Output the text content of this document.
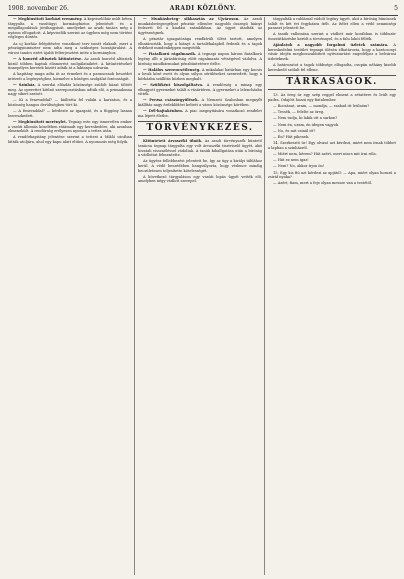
1908. november 26.	ARADI KÖZLÖNY.	5

— Meghiusitott korházi erenmény. A kepviselőház múlt héten tárgyalta a vasútügyi kormánybiztos jelentését és a megállapodások jóváhagyását, amelyeket az aradi tanács még a nyáron elfogadott. A képviselők szerint az ügyben még nem történt végleges döntés.

Az uj korház felépítésére vonatkozó terv ismét elakadt, mert a pénzügyminiszter nem adta meg a szükséges hozzájárulást. A városi tanács ezért újabb felterjesztést intéz a kormányhoz.

— A honvéd altisztek kitüntetése. Az aradi honvéd altisztek közül többen kaptak elismerést szolgálataikért. A kitüntetéseket ünnepélyes keretek között adták át a laktanya udvarán.

A kapitány maga adta át az érmeket és a parancsnok beszédet intézett a legénységhez, kiemelve a hűséges szolgálat fontosságát.

— Színház. A szerdai előadás közönsége zsúfolt házat töltött meg. Az operettet kitűnő szereposztásban adták elő, a primadonna nagy sikert aratott.

— Ki a fenevaddal? — kiáltotta fel valaki a karzaton, és a közönség hangos derültségben tört ki.

— A fenevaddal? — kérdezte az igazgató, és a függöny lassan leereszkedett.

— Meghiusitott merénylet. Tegnap este egy ismeretlen ember a vasúti állomás közelében rátámadt egy kereskedőre, aki azonban elmenekült. A rendőrség erélyesen nyomoz a tettes után.

A rendőrkapitány jelentése szerint a tettest a Mikló utcában látták utoljára, ahol egy kapu alatt eltűnt. A nyomozás még folyik.

— Munkásbeteg- sikkasztás az Ujvároson. Az aradi munkásbetegsegélyző pénztár ellenőre nagyobb összegű hiányt fedezett fel a kiadási számlákban. Az ügyet átadták az ügyészségnek.

A pénztár igazgatósága rendkívüli ülést tartott, amelyen elhatározták, hogy a hiányt a tartalékalapból fedezik és a tagok érdekeit mindenképpen megvédik.

— Fiatalkorú rágalmazók. A tegnapi napon három fiatalkorú legény állt a járásbíróság előtt rágalmazás vétségével vádolva. A bíróság mindhármukat pénzbüntetésre ítélte.

— Halálos szerencsétlenség. A mikalakai határban egy kocsis a lovak közé esett és olyan súlyos sérüléseket szenvedett, hogy a kórházba szállítás közben meghalt.

— Szülőként kiszolgáltatva. A rendőrség a minap egy elhagyott gyermeket talált a vásártéren. A gyermeket a lelencházba vitték.

— Perzsa császárgyűlések. A Nemzeti Szalonban megnyílt kiállítás nagy érdeklődést keltett a város közönsége körében.

— Dél-bajtakénben. A piac megnyitására vonatkozó rendelet ma lépett életbe.

TÖRVÉNYKEZÉS.

Kitüntetett árvaszéki ülnök. Az aradi törvényszék büntető tanácsa tegnap tárgyalta egy volt árvaszéki tisztviselő ügyét, akit hivatali visszaéléssel vádoltak. A tanúk kihallgatása után a bíróság a vádlottat felmentette.

Az ügyész fellebbezést jelentett be, így az ügy a királyi táblához kerül. A védő beszédében hangsúlyozta, hogy védence mindig becsületesen teljesítette kötelességét.

A következő tárgyaláson egy vasúti lopás ügyét vették elő, amelyben négy vádlott szerepel.

tárgyalták a rablással vádolt legény ügyét, akit a bíróság bűnösnek talált és két évi fegyházra ítélt. Az ítélet ellen a védő semmiségi panaszt jelentett be.

A tanúk vallomása szerint a vádlott már korábban is többször összeütközésbe került a törvénnyel, és a falu lakói félték.

Ajánlatok a nagyobb forgalmú üzletek számára. A kereskedelmi testület tegnapi ülésén elhatározta, hogy a karácsonyi vásár idején meghosszabbított nyitvatartást engedélyez a belvárosi üzleteknek.

A határozatot a tagok többsége elfogadta, csupán néhány kisebb kereskedő szólalt fel ellene.

TÁRKASÁGOK.

13. Az öreg úr egy szép reggel elment a sétatérre és leült egy padra. Odajött hozzá egy fiatalember.

— Bocsánat, uram, — mondja, — szabad itt leülnöm?

— Tessék, — felelte az öreg.

— Nem tudja, ki lakik ott a sarkon?

— Nem én, uram, én idegen vagyok.

— No, és mit csinál itt?

— Én? Hát pihenek.

14. Szerkesztő úr! Egy olvasó azt kérdezi, miért nem írnak többet a lapban a színházról.

— Miért nem, kérem? Hát azért, mert nincs mit írni róla.

— Hát ez nem igaz!

— Nem? No, akkor írjon ön!

15. Egy kis fiú azt kérdezi az apjától: — Apa, miért olyan hosszú a zsiráf nyaka?

— Azért, fiam, mert a feje olyan messze van a testétől.
